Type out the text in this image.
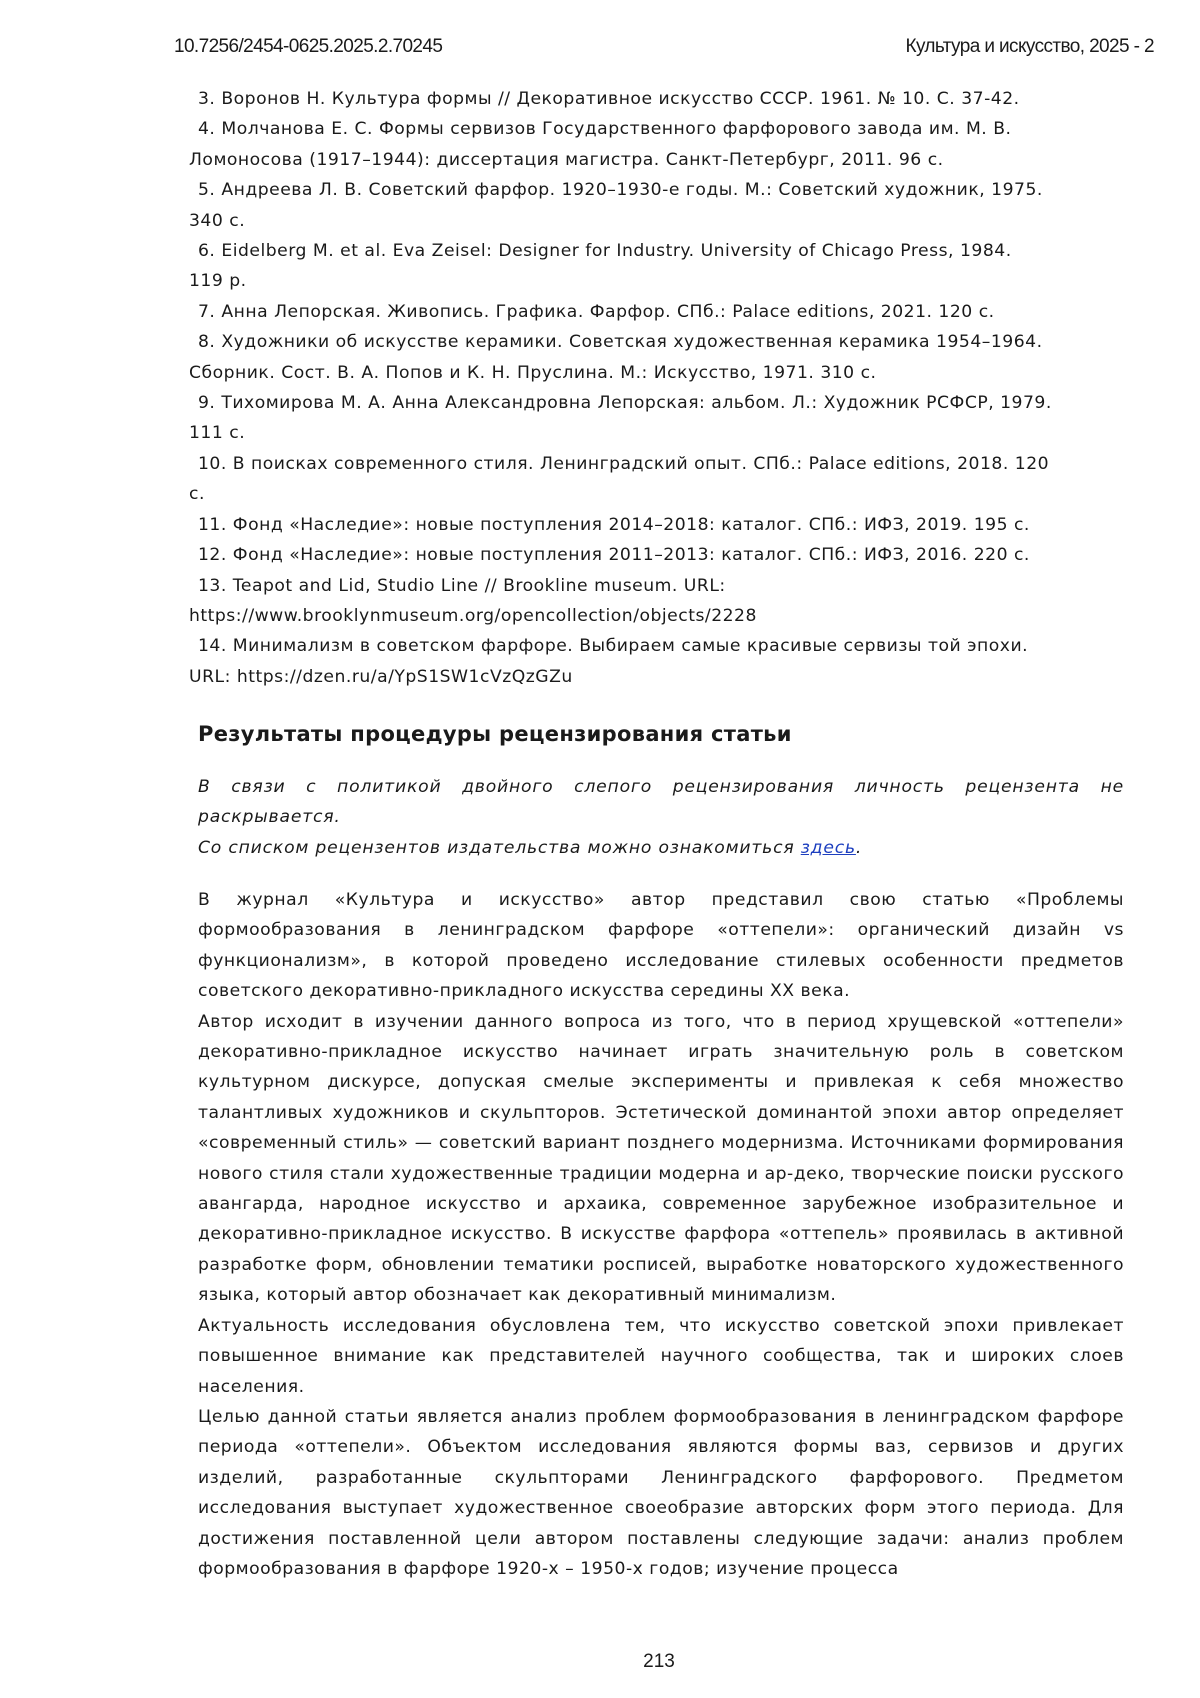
10.7256/2454-0625.2025.2.70245	Культура и искусство, 2025 - 2

3. Воронов Н. Культура формы // Декоративное искусство СССР. 1961. № 10. С. 37-42.

4. Молчанова Е. С. Формы сервизов Государственного фарфорового завода им. М. В.
Ломоносова (1917–1944): диссертация магистра. Санкт-Петербург, 2011. 96 с.

5. Андреева Л. В. Советский фарфор. 1920–1930-е годы. М.: Советский художник, 1975.
340 с.

6. Eidelberg M. et al. Eva Zeisel: Designer for Industry. University of Chicago Press, 1984.
119 p.

7. Анна Лепорская. Живопись. Графика. Фарфор. СПб.: Palace editions, 2021. 120 с.

8. Художники об искусстве керамики. Советская художественная керамика 1954–1964.
Сборник. Сост. В. А. Попов и К. Н. Пруслина. М.: Искусство, 1971. 310 с.

9. Тихомирова М. А. Анна Александровна Лепорская: альбом. Л.: Художник РСФСР, 1979.
111 с.

10. В поисках современного стиля. Ленинградский опыт. СПб.: Palace editions, 2018. 120
с.

11. Фонд «Наследие»: новые поступления 2014–2018: каталог. СПб.: ИФЗ, 2019. 195 с.

12. Фонд «Наследие»: новые поступления 2011–2013: каталог. СПб.: ИФЗ, 2016. 220 с.

13. Teapot and Lid, Studio Line // Brookline museum. URL:
https://www.brooklynmuseum.org/opencollection/objects/2228

14. Минимализм в советском фарфоре. Выбираем самые красивые сервизы той эпохи.
URL: https://dzen.ru/a/YpS1SW1cVzQzGZu

Результаты процедуры рецензирования статьи

В связи с политикой двойного слепого рецензирования личность рецензента не раскрывается.

Со списком рецензентов издательства можно ознакомиться здесь.

В журнал «Культура и искусство» автор представил свою статью «Проблемы формообразования в ленинградском фарфоре «оттепели»: органический дизайн vs функционализм», в которой проведено исследование стилевых особенности предметов советского декоративно-прикладного искусства середины XX века.

Автор исходит в изучении данного вопроса из того, что в период хрущевской «оттепели» декоративно-прикладное искусство начинает играть значительную роль в советском культурном дискурсе, допуская смелые эксперименты и привлекая к себя множество талантливых художников и скульпторов. Эстетической доминантой эпохи автор определяет «современный стиль» — советский вариант позднего модернизма. Источниками формирования нового стиля стали художественные традиции модерна и ар-деко, творческие поиски русского авангарда, народное искусство и архаика, современное зарубежное изобразительное и декоративно-прикладное искусство. В искусстве фарфора «оттепель» проявилась в активной разработке форм, обновлении тематики росписей, выработке новаторского художественного языка, который автор обозначает как декоративный минимализм.

Актуальность исследования обусловлена тем, что искусство советской эпохи привлекает повышенное внимание как представителей научного сообщества, так и широких слоев населения.

Целью данной статьи является анализ проблем формообразования в ленинградском фарфоре периода «оттепели». Объектом исследования являются формы ваз, сервизов и других изделий, разработанные скульпторами Ленинградского фарфорового. Предметом исследования выступает художественное своеобразие авторских форм этого периода. Для достижения поставленной цели автором поставлены следующие задачи: анализ проблем формообразования в фарфоре 1920-х – 1950-х годов; изучение процесса

213
